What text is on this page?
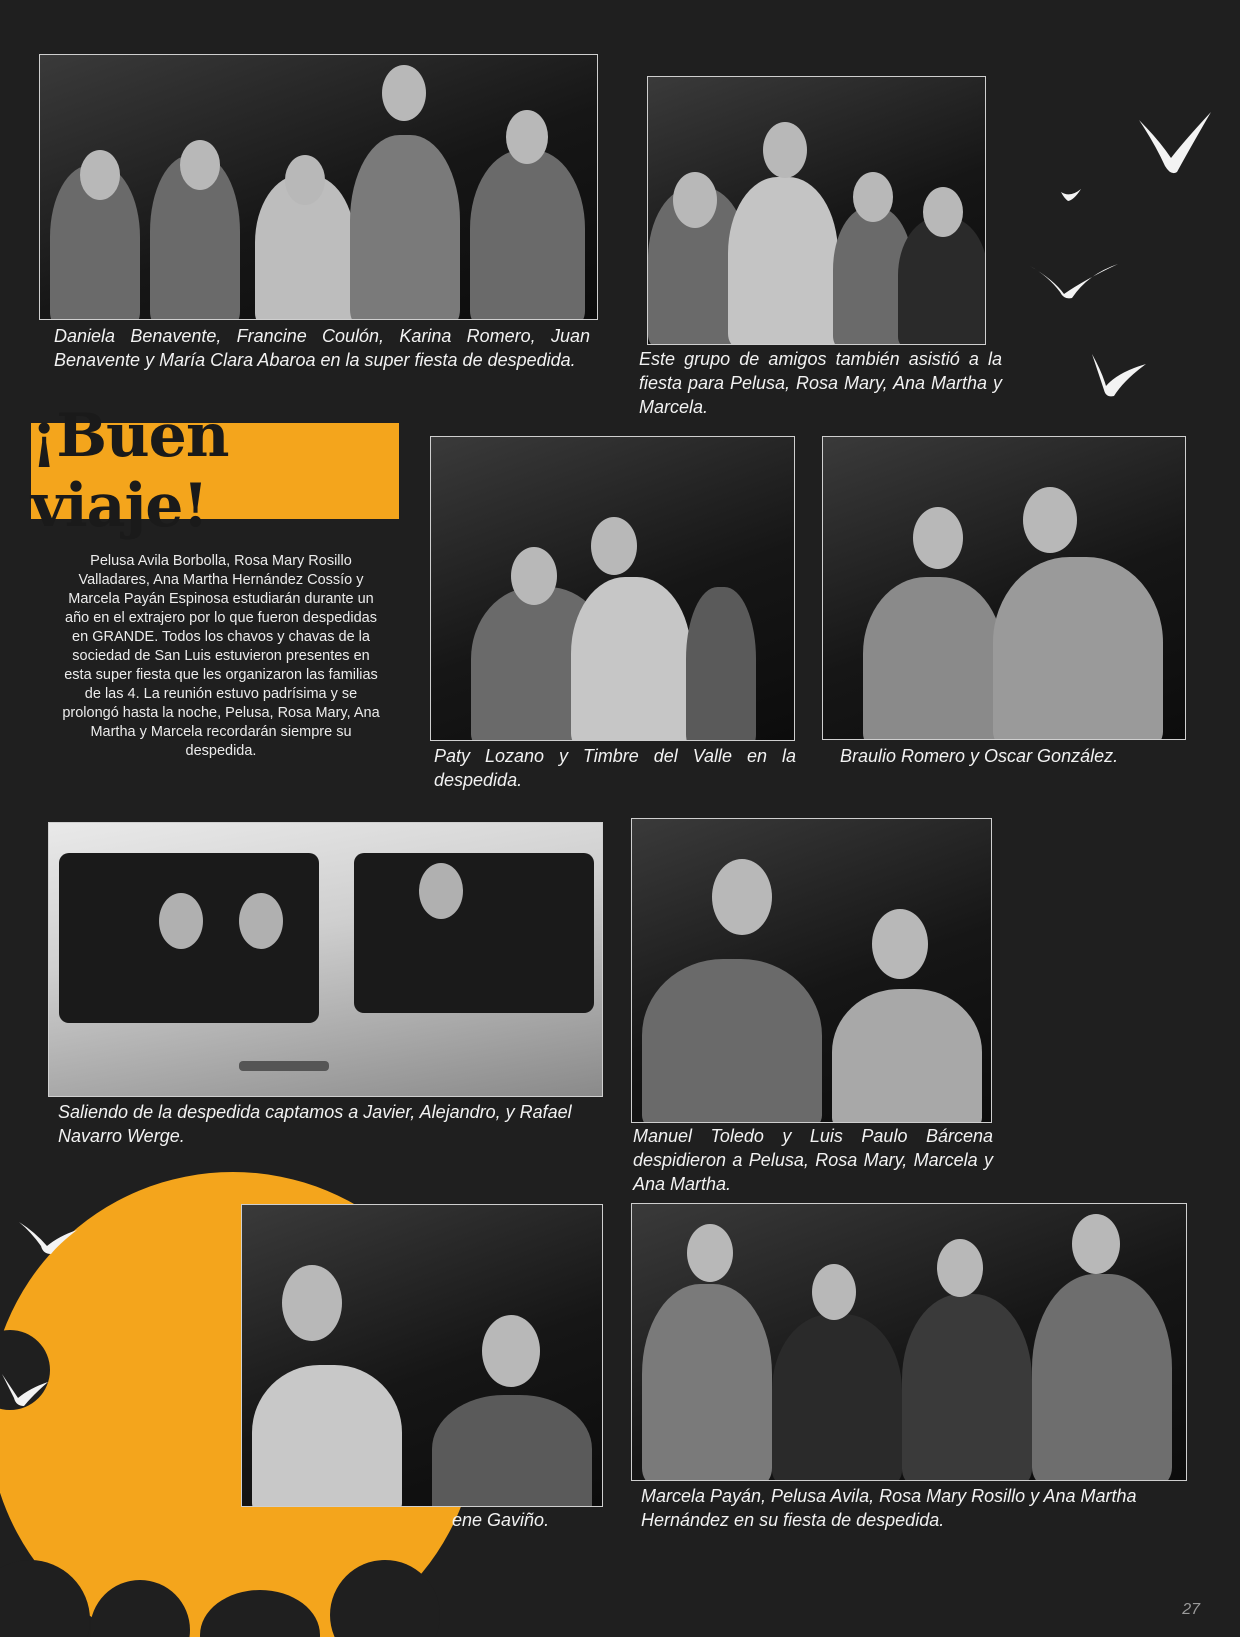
Daniela Benavente, Francine Coulón, Karina Romero, Juan Benavente y María Clara Abaroa en la super fiesta de despedida.	Este grupo de amigos también asistió a la fiesta para Pelusa, Rosa Mary, Ana Martha y Marcela.
¡Buen viaje!
Pelusa Avila Borbolla, Rosa Mary Rosillo Valladares, Ana Martha Hernández Cossío y Marcela Payán Espinosa estudiarán durante un año en el extrajero por lo que fueron despedidas en GRANDE. Todos los chavos y chavas de la sociedad de San Luis estuvieron presentes en esta super fiesta que les organizaron las familias de las 4. La reunión estuvo padrísima y se prolongó hasta la noche, Pelusa, Rosa Mary, Ana Martha y Marcela recordarán siempre su despedida.	Paty Lozano y Timbre del Valle en la despedida.
Braulio Romero y Oscar González.
Saliendo de la despedida captamos a Javier, Alejandro, y Rafael Navarro Werge.	Manuel Toledo y Luis Paulo Bárcena despidieron a Pelusa, Rosa Mary, Marcela y Ana Martha.
ene Gaviño.
Marcela Payán, Pelusa Avila, Rosa Mary Rosillo y Ana Martha Hernández en su fiesta de despedida.
27
